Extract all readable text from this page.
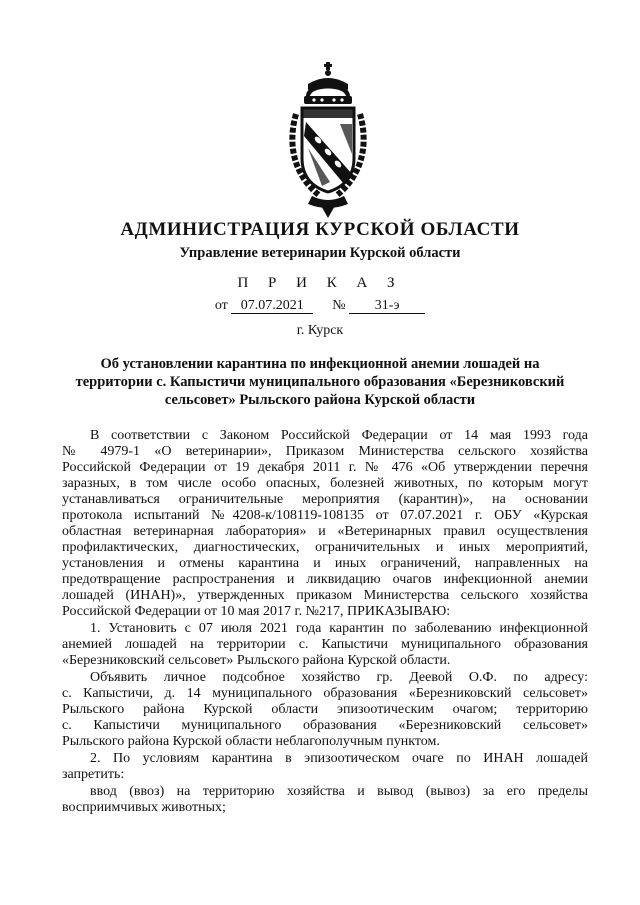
АДМИНИСТРАЦИЯ КУРСКОЙ ОБЛАСТИ
Управление ветеринарии Курской области
П Р И К А З
от 07.07.2021 № 31-э
г. Курск
Об установлении карантина по инфекционной анемии лошадей на
территории с. Капыстичи муниципального образования «Березниковский
сельсовет» Рыльского района Курской области
В соответствии с Законом Российской Федерации от 14 мая 1993 года
№ 4979-1 «О ветеринарии», Приказом Министерства сельского хозяйства
Российской Федерации от 19 декабря 2011 г. № 476 «Об утверждении перечня
заразных, в том числе особо опасных, болезней животных, по которым могут
устанавливаться ограничительные мероприятия (карантин)», на основании
протокола испытаний №4208-к/108119-108135 от 07.07.2021 г. ОБУ «Курская
областная ветеринарная лаборатория» и «Ветеринарных правил осуществления
профилактических, диагностических, ограничительных и иных мероприятий,
установления и отмены карантина и иных ограничений, направленных на
предотвращение распространения и ликвидацию очагов инфекционной анемии
лошадей (ИНАН)», утвержденных приказом Министерства сельского хозяйства
Российской Федерации от 10 мая 2017 г. №217, ПРИКАЗЫВАЮ:
1. Установить с 07 июля 2021 года карантин по заболеванию инфекционной
анемией лошадей на территории с. Капыстичи муниципального образования
«Березниковский сельсовет» Рыльского района Курской области.
Объявить личное подсобное хозяйство гр. Деевой О.Ф. по адресу:
с. Капыстичи, д. 14 муниципального образования «Березниковский сельсовет»
Рыльского района Курской области эпизоотическим очагом; территорию
с. Капыстичи муниципального образования «Березниковский сельсовет»
Рыльского района Курской области неблагополучным пунктом.
2. По условиям карантина в эпизоотическом очаге по ИНАН лошадей
запретить:
ввод (ввоз) на территорию хозяйства и вывод (вывоз) за его пределы
восприимчивых животных;
